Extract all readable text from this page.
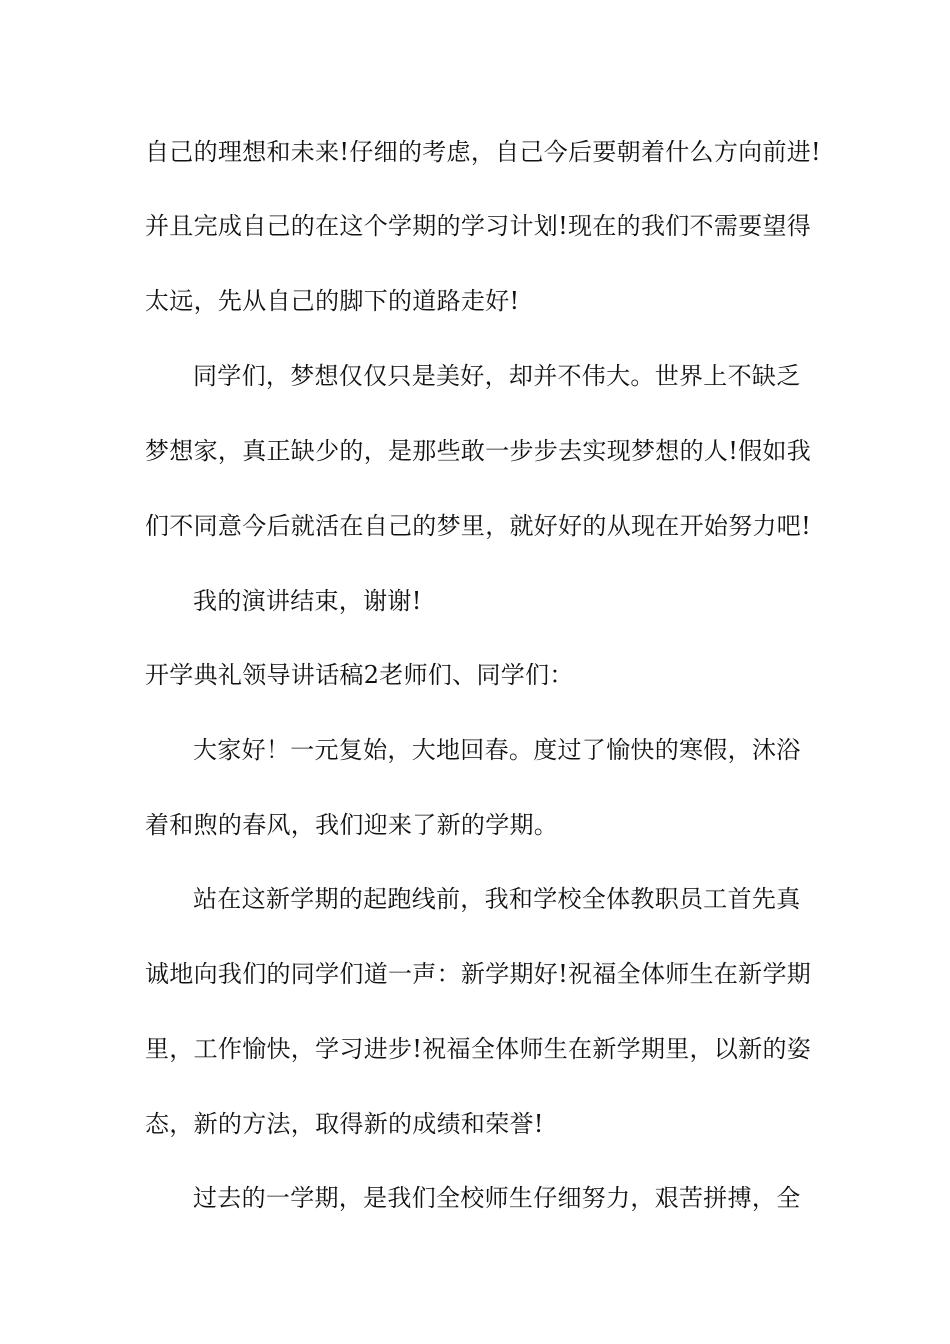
自己的理想和未来!仔细的考虑，自己今后要朝着什么方向前进!
并且完成自己的在这个学期的学习计划!现在的我们不需要望得
太远，先从自己的脚下的道路走好!
同学们，梦想仅仅只是美好，却并不伟大。世界上不缺乏
梦想家，真正缺少的，是那些敢一步步去实现梦想的人!假如我
们不同意今后就活在自己的梦里，就好好的从现在开始努力吧!
我的演讲结束，谢谢!
开学典礼领导讲话稿2老师们、同学们：
大家好！一元复始，大地回春。度过了愉快的寒假，沐浴
着和煦的春风，我们迎来了新的学期。
站在这新学期的起跑线前，我和学校全体教职员工首先真
诚地向我们的同学们道一声：新学期好!祝福全体师生在新学期
里，工作愉快，学习进步!祝福全体师生在新学期里，以新的姿
态，新的方法，取得新的成绩和荣誉!
过去的一学期，是我们全校师生仔细努力，艰苦拼搏，全
